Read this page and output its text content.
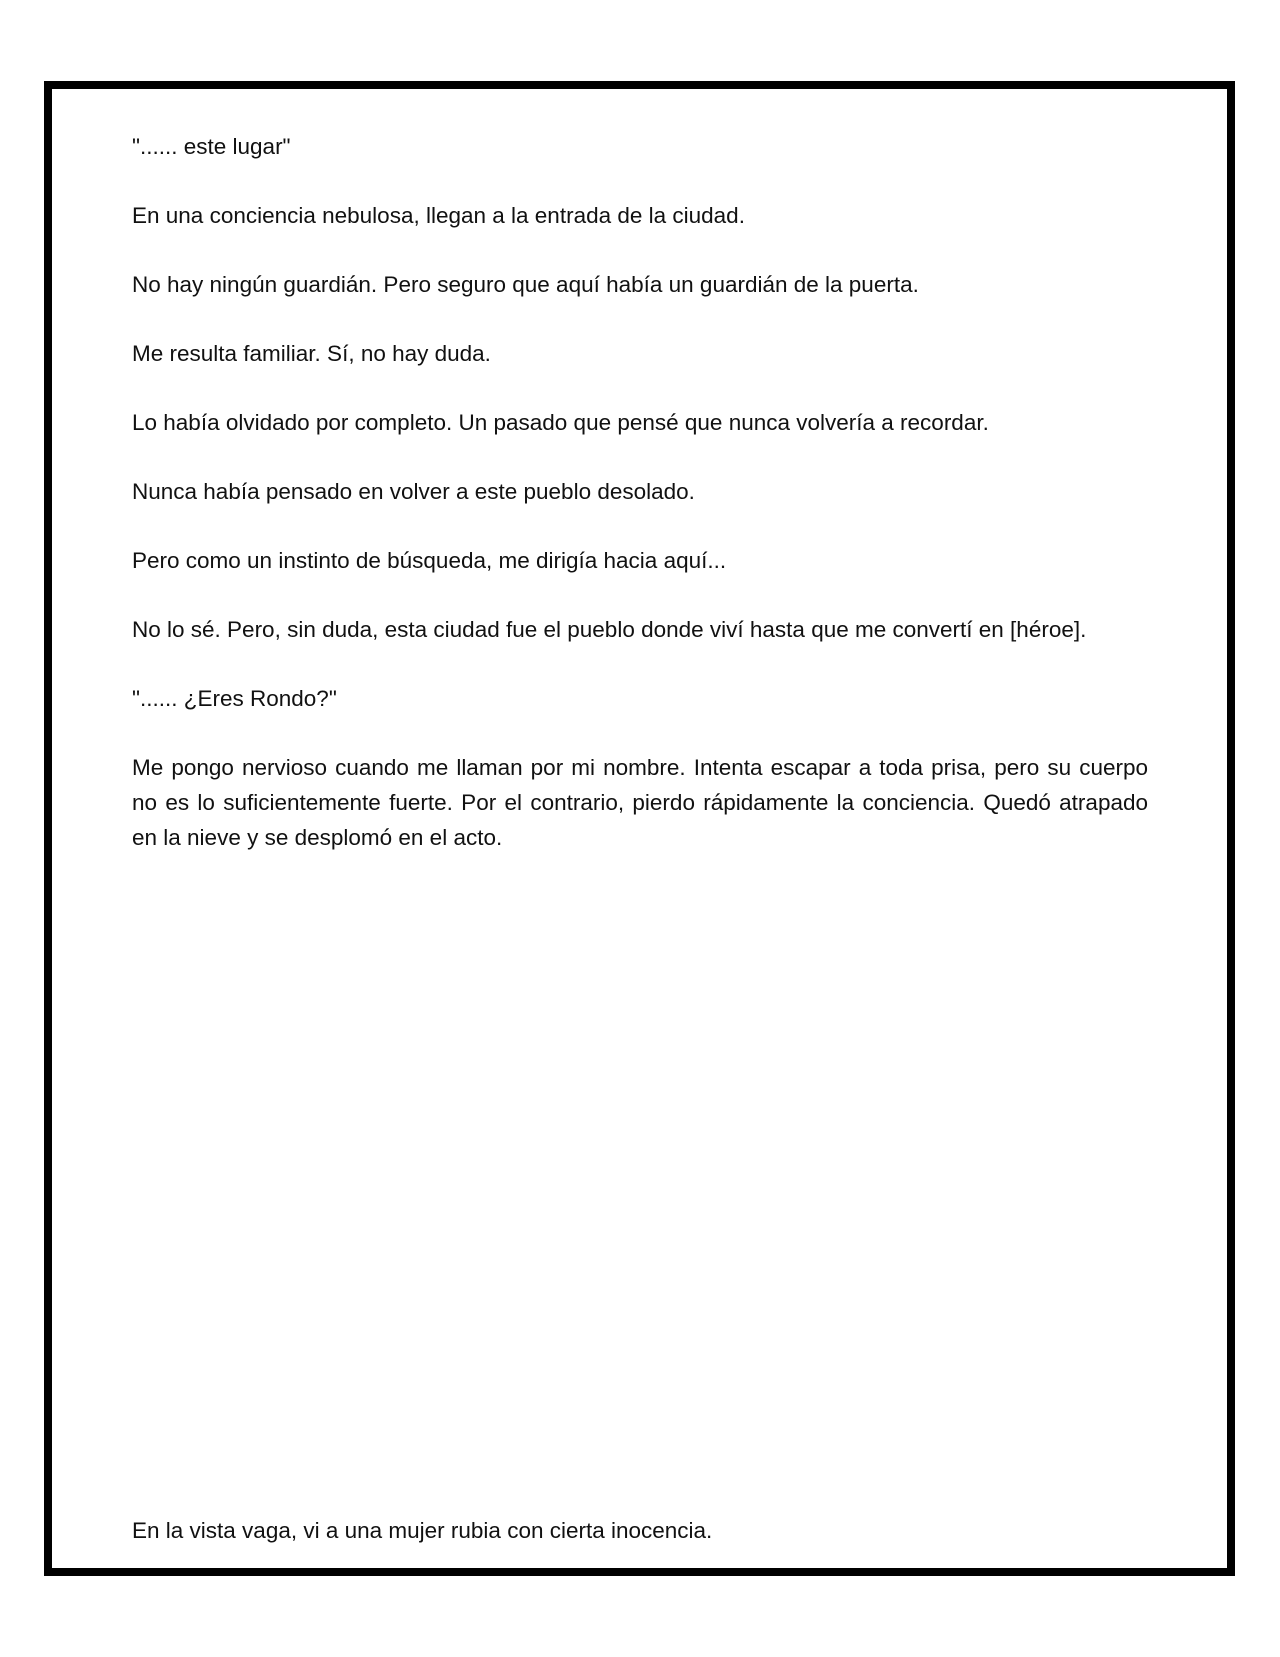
"...... este lugar"

En una conciencia nebulosa, llegan a la entrada de la ciudad.

No hay ningún guardián. Pero seguro que aquí había un guardián de la puerta.

Me resulta familiar. Sí, no hay duda.

Lo había olvidado por completo. Un pasado que pensé que nunca volvería a recordar.

Nunca había pensado en volver a este pueblo desolado.

Pero como un instinto de búsqueda, me dirigía hacia aquí...

No lo sé. Pero, sin duda, esta ciudad fue el pueblo donde viví hasta que me convertí en [héroe].

"...... ¿Eres Rondo?"

Me pongo nervioso cuando me llaman por mi nombre. Intenta escapar a toda prisa, pero su cuerpo no es lo suficientemente fuerte. Por el contrario, pierdo rápidamente la conciencia. Quedó atrapado en la nieve y se desplomó en el acto.

En la vista vaga, vi a una mujer rubia con cierta inocencia.
